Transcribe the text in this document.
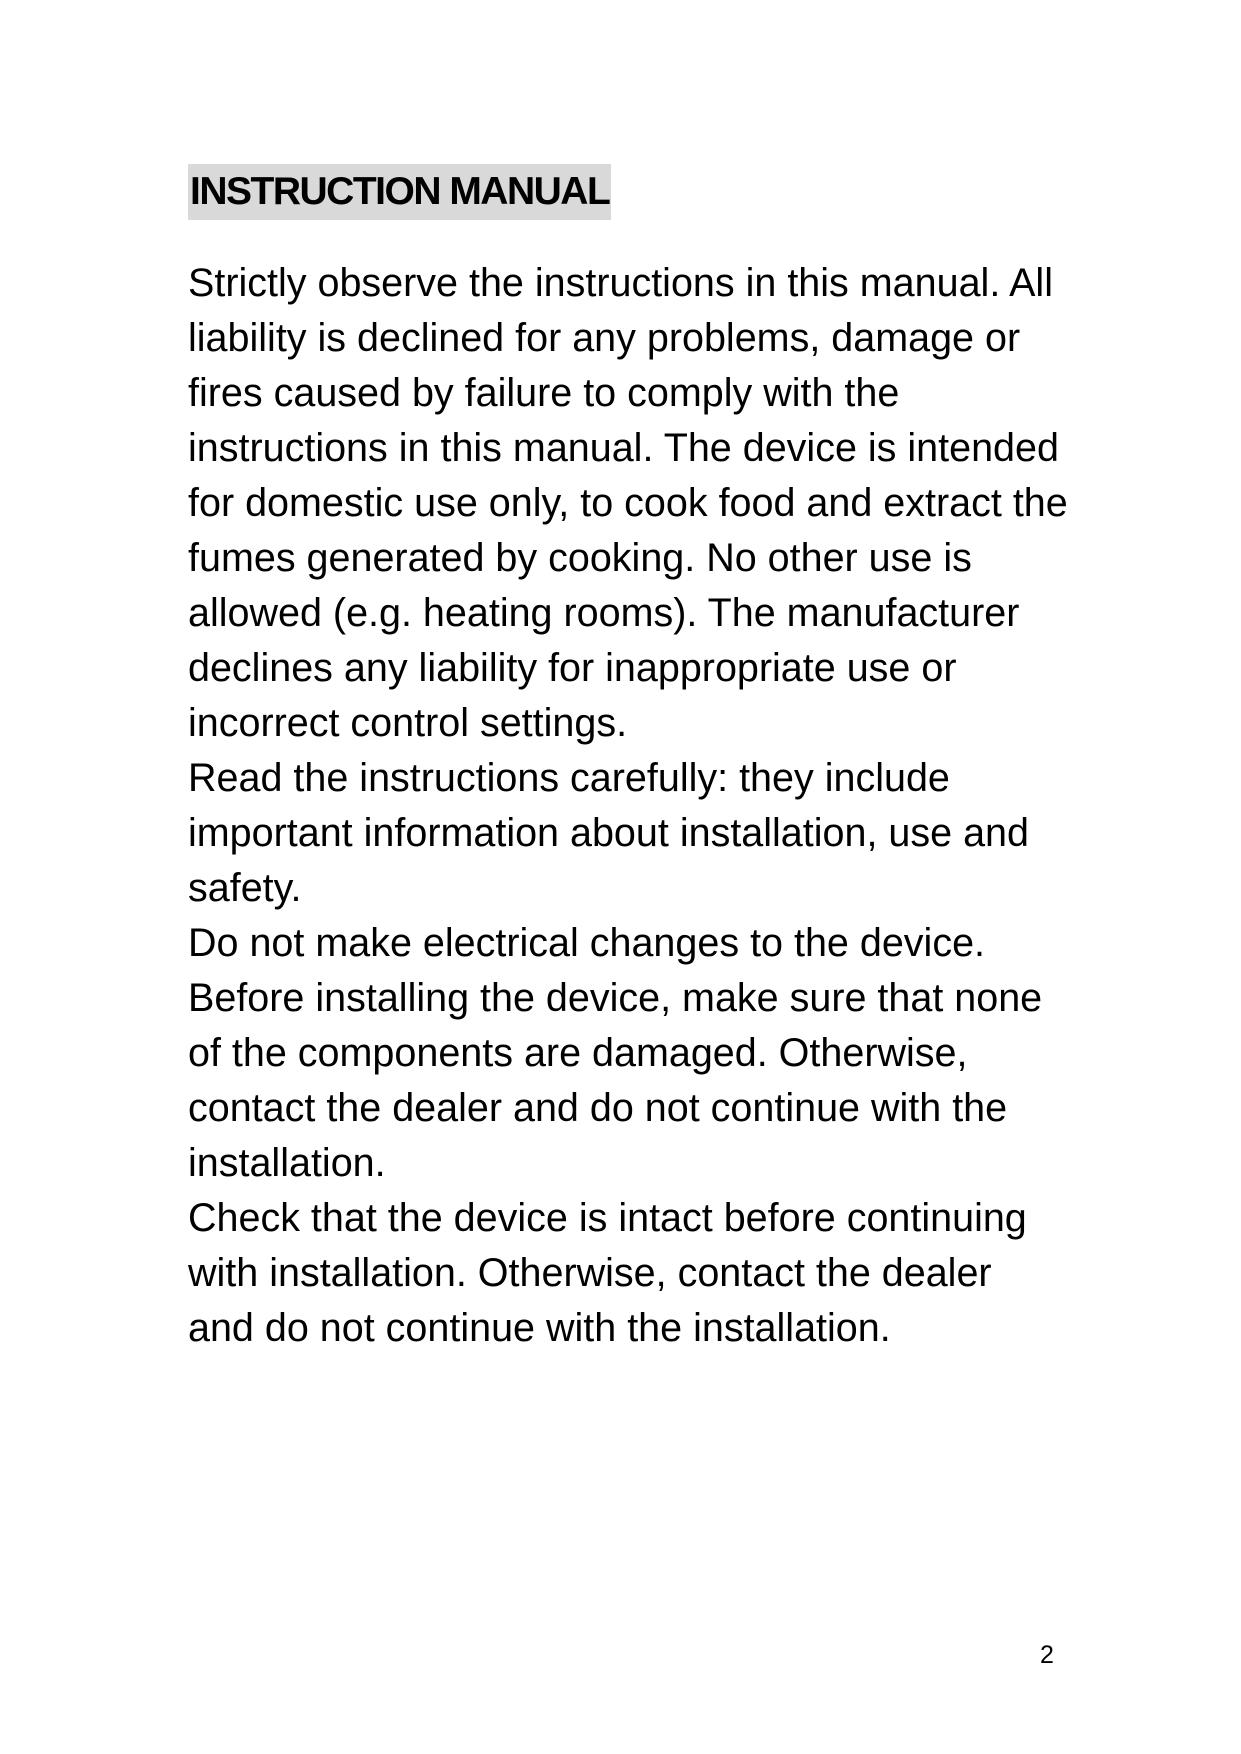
INSTRUCTION MANUAL

Strictly observe the instructions in this manual. All liability is declined for any problems, damage or fires caused by failure to comply with the instructions in this manual. The device is intended for domestic use only, to cook food and extract the fumes generated by cooking. No other use is allowed (e.g. heating rooms). The manufacturer declines any liability for inappropriate use or incorrect control settings.

Read the instructions carefully: they include important information about installation, use and safety.

Do not make electrical changes to the device.

Before installing the device, make sure that none of the components are damaged. Otherwise, contact the dealer and do not continue with the installation.

Check that the device is intact before continuing with installation. Otherwise, contact the dealer and do not continue with the installation.

2
